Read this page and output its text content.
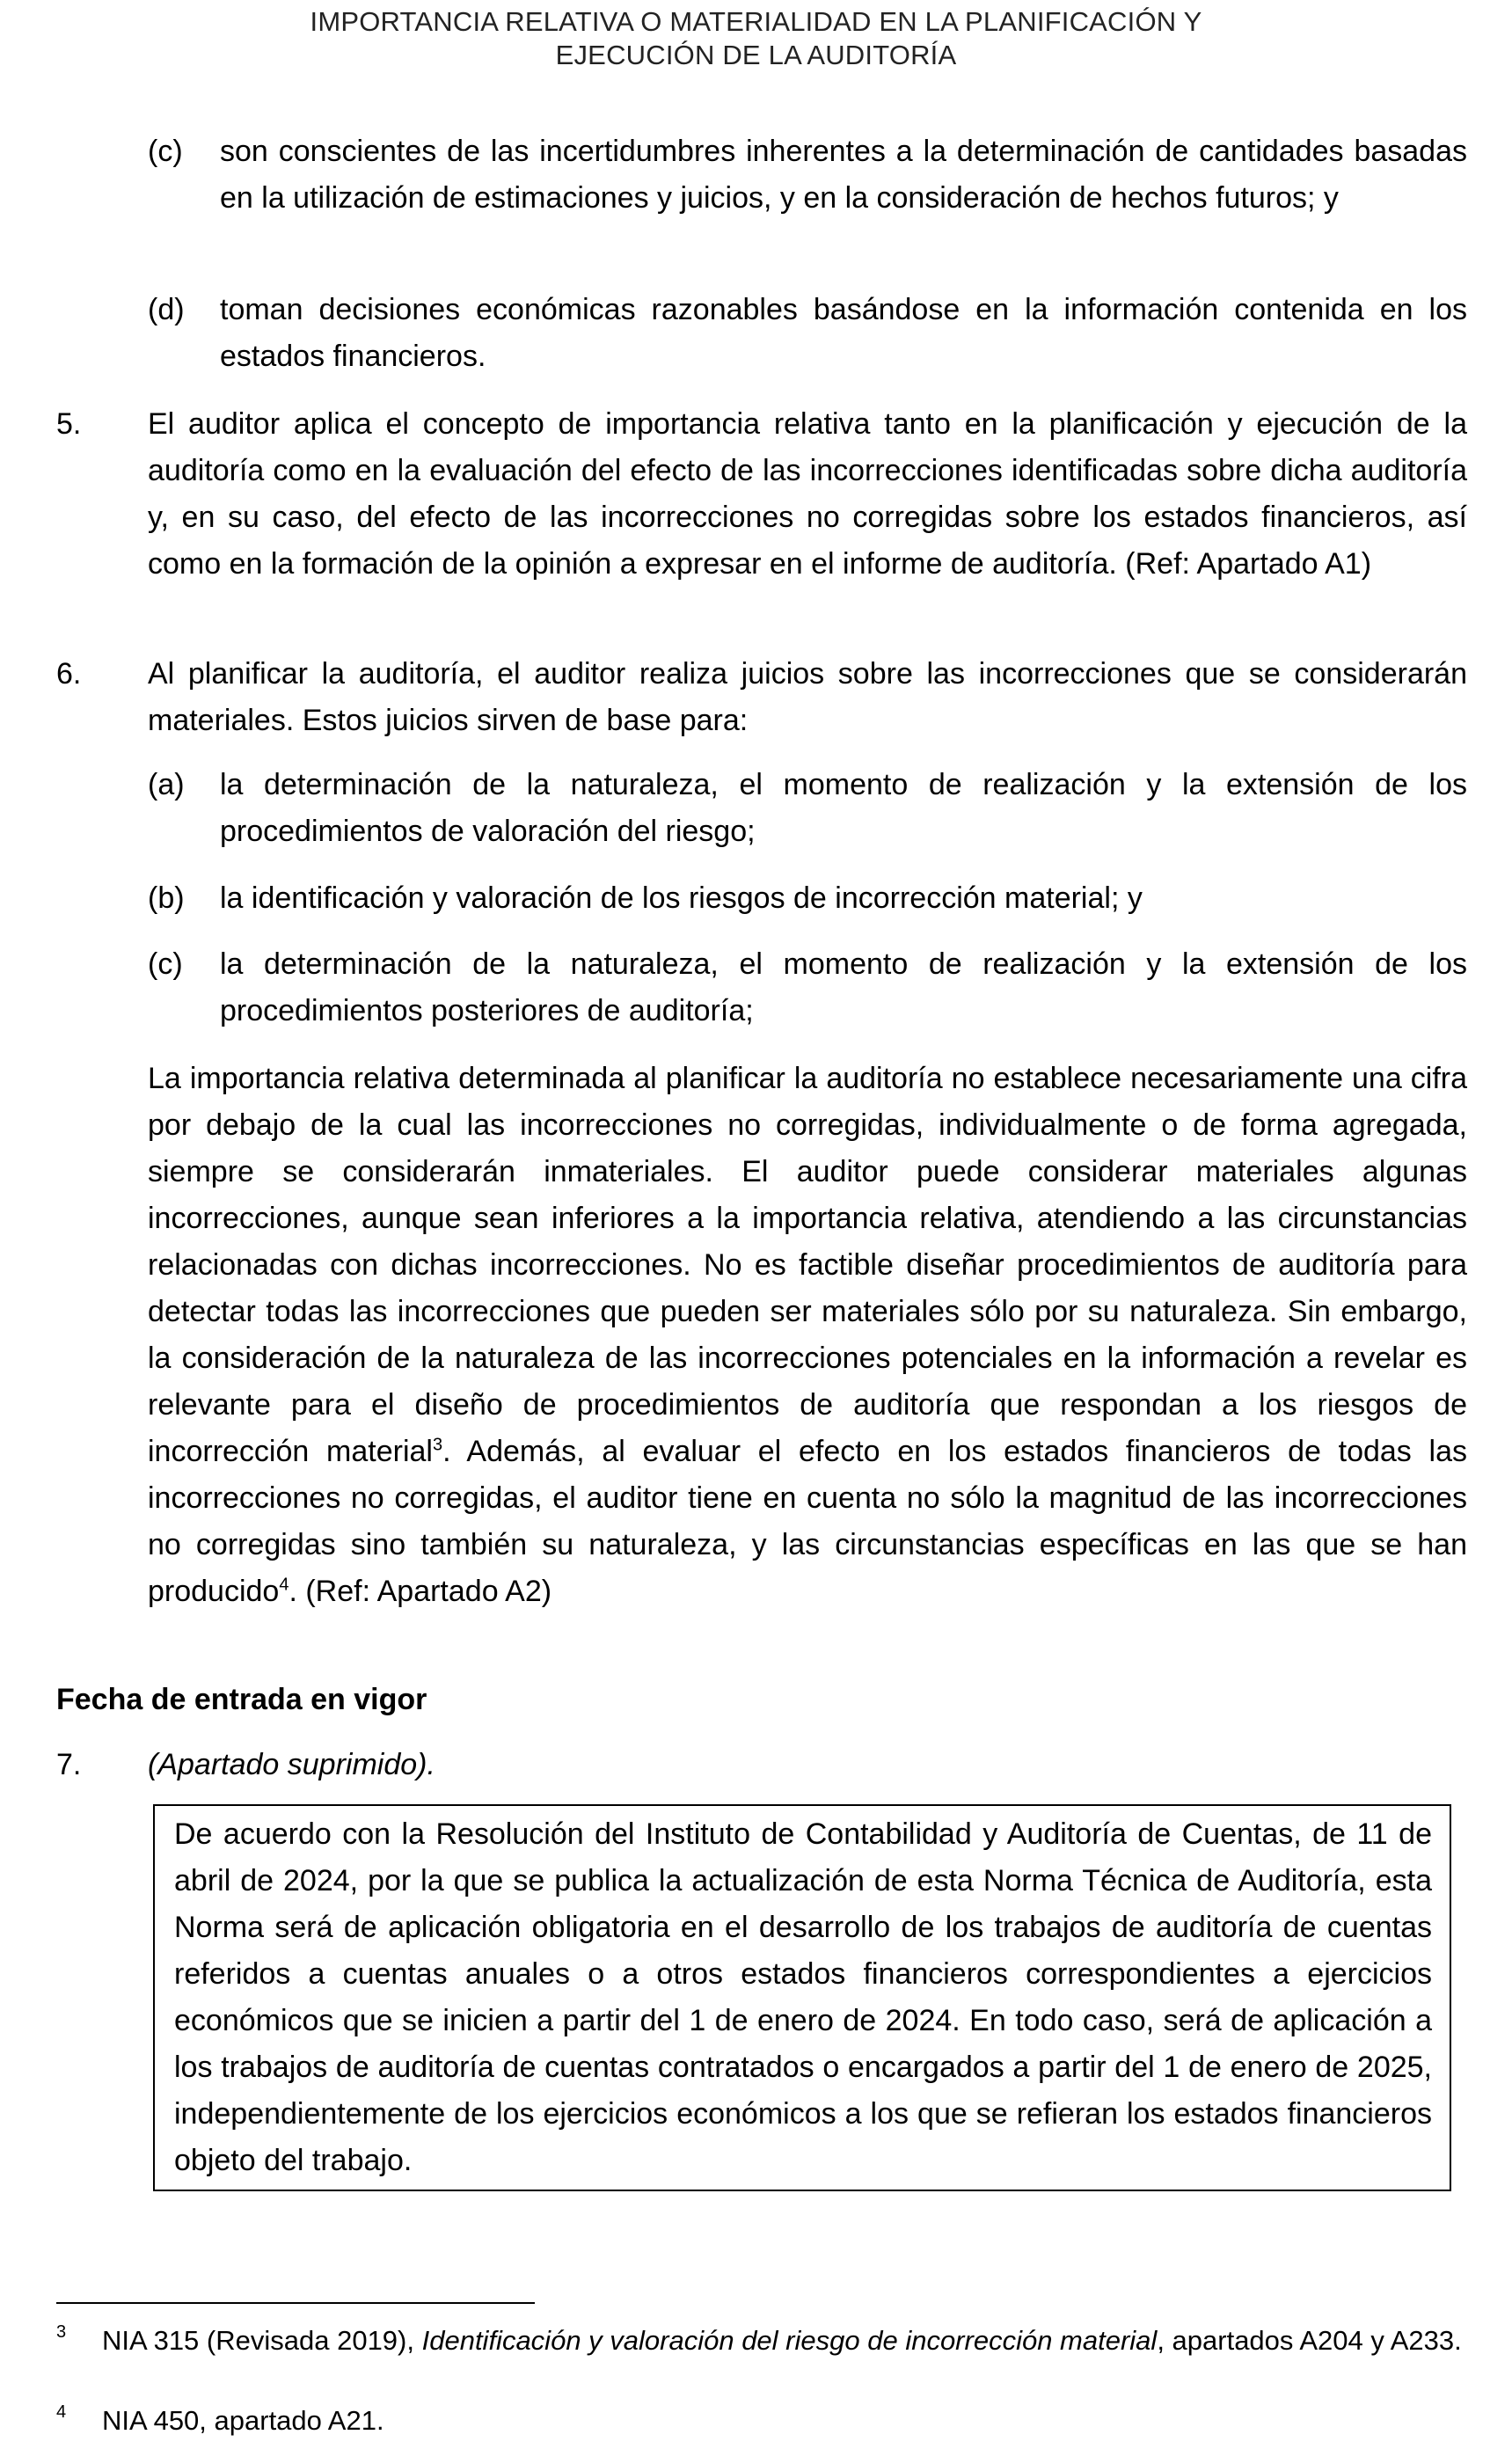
IMPORTANCIA RELATIVA O MATERIALIDAD EN LA PLANIFICACIÓN Y
EJECUCIÓN DE LA AUDITORÍA
(c) son conscientes de las incertidumbres inherentes a la determinación de cantidades basadas en la utilización de estimaciones y juicios, y en la consideración de hechos futuros; y
(d) toman decisiones económicas razonables basándose en la información contenida en los estados financieros.
5. El auditor aplica el concepto de importancia relativa tanto en la planificación y ejecución de la auditoría como en la evaluación del efecto de las incorrecciones identificadas sobre dicha auditoría y, en su caso, del efecto de las incorrecciones no corregidas sobre los estados financieros, así como en la formación de la opinión a expresar en el informe de auditoría. (Ref: Apartado A1)
6. Al planificar la auditoría, el auditor realiza juicios sobre las incorrecciones que se considerarán materiales. Estos juicios sirven de base para:
(a) la determinación de la naturaleza, el momento de realización y la extensión de los procedimientos de valoración del riesgo;
(b) la identificación y valoración de los riesgos de incorrección material; y
(c) la determinación de la naturaleza, el momento de realización y la extensión de los procedimientos posteriores de auditoría;
La importancia relativa determinada al planificar la auditoría no establece necesariamente una cifra por debajo de la cual las incorrecciones no corregidas, individualmente o de forma agregada, siempre se considerarán inmateriales. El auditor puede considerar materiales algunas incorrecciones, aunque sean inferiores a la importancia relativa, atendiendo a las circunstancias relacionadas con dichas incorrecciones. No es factible diseñar procedimientos de auditoría para detectar todas las incorrecciones que pueden ser materiales sólo por su naturaleza. Sin embargo, la consideración de la naturaleza de las incorrecciones potenciales en la información a revelar es relevante para el diseño de procedimientos de auditoría que respondan a los riesgos de incorrección material$^3$. Además, al evaluar el efecto en los estados financieros de todas las incorrecciones no corregidas, el auditor tiene en cuenta no sólo la magnitud de las incorrecciones no corregidas sino también su naturaleza, y las circunstancias específicas en las que se han producido$^4$. (Ref: Apartado A2)
Fecha de entrada en vigor
7. (Apartado suprimido).
De acuerdo con la Resolución del Instituto de Contabilidad y Auditoría de Cuentas, de 11 de abril de 2024, por la que se publica la actualización de esta Norma Técnica de Auditoría, esta Norma será de aplicación obligatoria en el desarrollo de los trabajos de auditoría de cuentas referidos a cuentas anuales o a otros estados financieros correspondientes a ejercicios económicos que se inicien a partir del 1 de enero de 2024. En todo caso, será de aplicación a los trabajos de auditoría de cuentas contratados o encargados a partir del 1 de enero de 2025, independientemente de los ejercicios económicos a los que se refieran los estados financieros objeto del trabajo.
3 NIA 315 (Revisada 2019), Identificación y valoración del riesgo de incorrección material, apartados A204 y A233.
4 NIA 450, apartado A21.
